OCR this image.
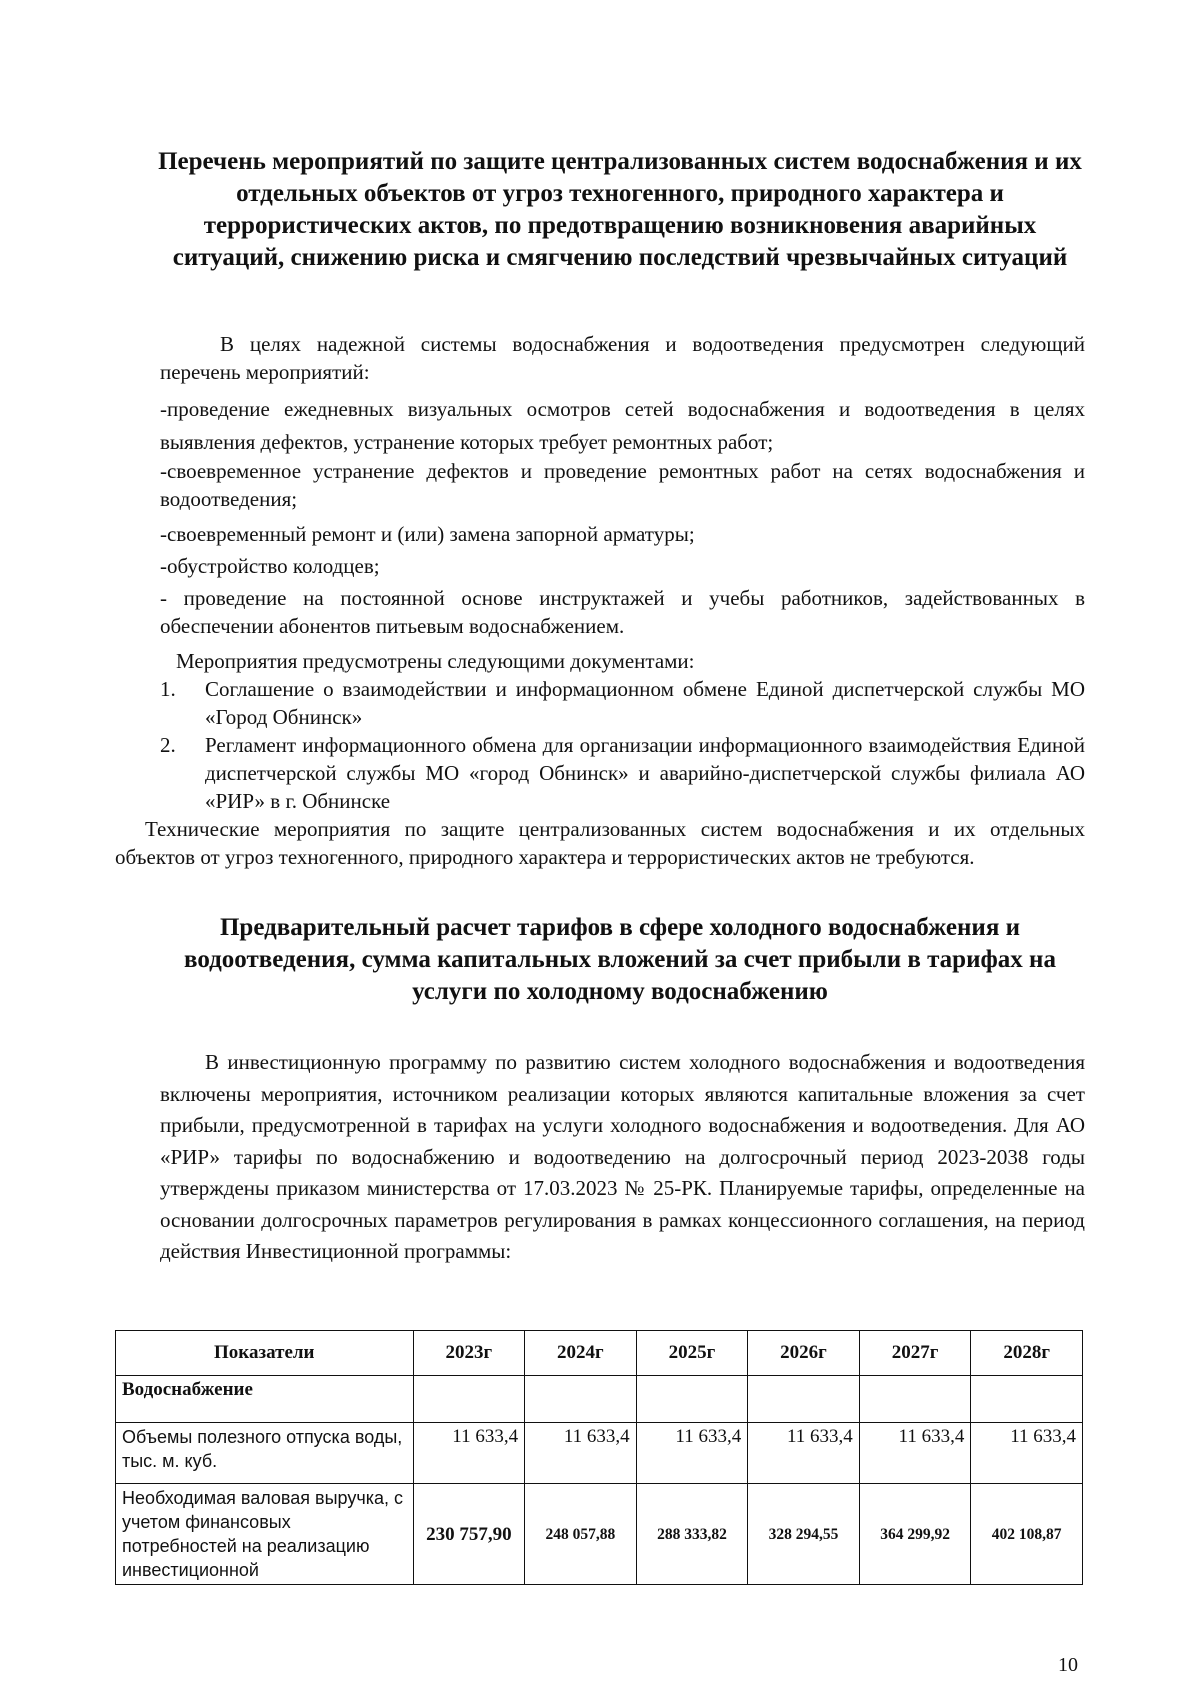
Перечень мероприятий по защите централизованных систем водоснабжения и их отдельных объектов от угроз техногенного, природного характера и террористических актов, по предотвращению возникновения аварийных ситуаций, снижению риска и смягчению последствий чрезвычайных ситуаций

В целях надежной системы водоснабжения и водоотведения предусмотрен следующий перечень мероприятий:

-проведение ежедневных визуальных осмотров сетей водоснабжения и водоотведения в целях выявления дефектов, устранение которых требует ремонтных работ;

-своевременное устранение дефектов и проведение ремонтных работ на сетях водоснабжения и водоотведения;

-своевременный ремонт и (или) замена запорной арматуры;

-обустройство колодцев;

- проведение на постоянной основе инструктажей и учебы работников, задействованных в обеспечении абонентов питьевым водоснабжением.

Мероприятия предусмотрены следующими документами:

1.	Соглашение о взаимодействии и информационном обмене Единой диспетчерской службы МО «Город Обнинск»
2.	Регламент информационного обмена для организации информационного взаимодействия Единой диспетчерской службы МО «город Обнинск» и аварийно-диспетчерской службы филиала АО «РИР» в г. Обнинске

Технические мероприятия по защите централизованных систем водоснабжения и их отдельных объектов от угроз техногенного, природного характера и террористических актов не требуются.

Предварительный расчет тарифов в сфере холодного водоснабжения и водоотведения, сумма капитальных вложений за счет прибыли в тарифах на услуги по холодному водоснабжению

В инвестиционную программу по развитию систем холодного водоснабжения и водоотведения включены мероприятия, источником реализации которых являются капитальные вложения за счет прибыли, предусмотренной в тарифах на услуги холодного водоснабжения и водоотведения. Для АО «РИР» тарифы по водоснабжению и водоотведению на долгосрочный период 2023-2038 годы утверждены приказом министерства от 17.03.2023 № 25-РК. Планируемые тарифы, определенные на основании долгосрочных параметров регулирования в рамках концессионного соглашения, на период действия Инвестиционной программы:

Показатели	2023г	2024г	2025г	2026г	2027г	2028г
Водоснабжение						
Объемы полезного отпуска воды, тыс. м. куб.	11 633,4	11 633,4	11 633,4	11 633,4	11 633,4	11 633,4

Необходимая валовая выручка, с учетом финансовых потребностей на реализацию инвестиционной	230 757,90	248 057,88	288 333,82	328 294,55	364 299,92	402 108,87
10
